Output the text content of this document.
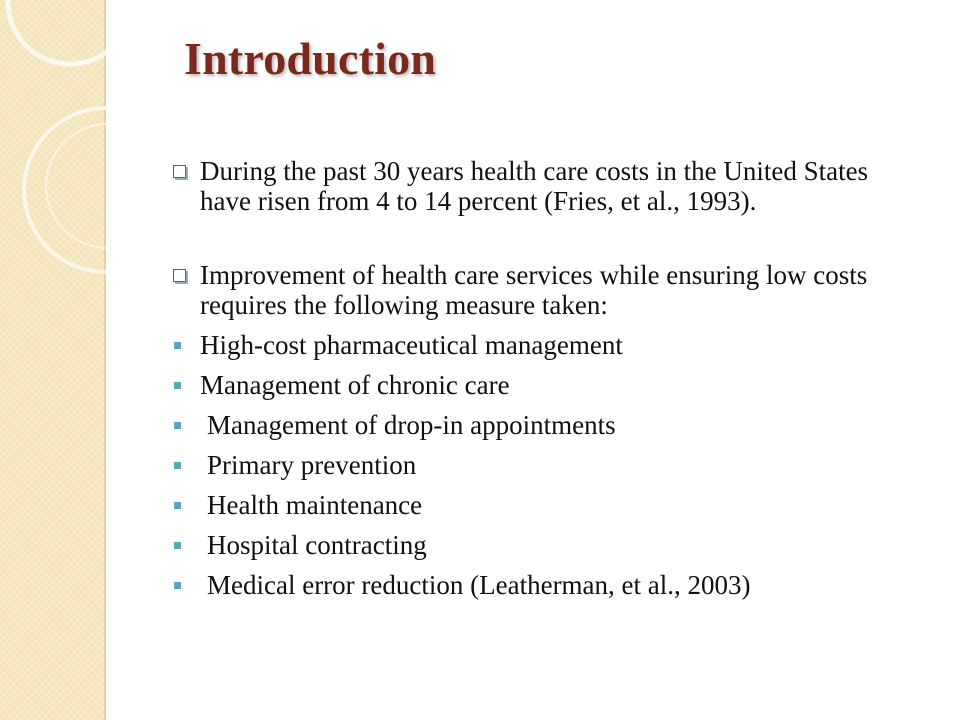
Introduction
During the past 30 years health care costs in the United States have risen from 4 to 14 percent (Fries, et al., 1993).
Improvement of health care services while ensuring low costs requires the following measure taken:
High-cost pharmaceutical management
Management of chronic care
Management of drop-in appointments
Primary prevention
Health maintenance
Hospital contracting
Medical error reduction (Leatherman, et al., 2003)
